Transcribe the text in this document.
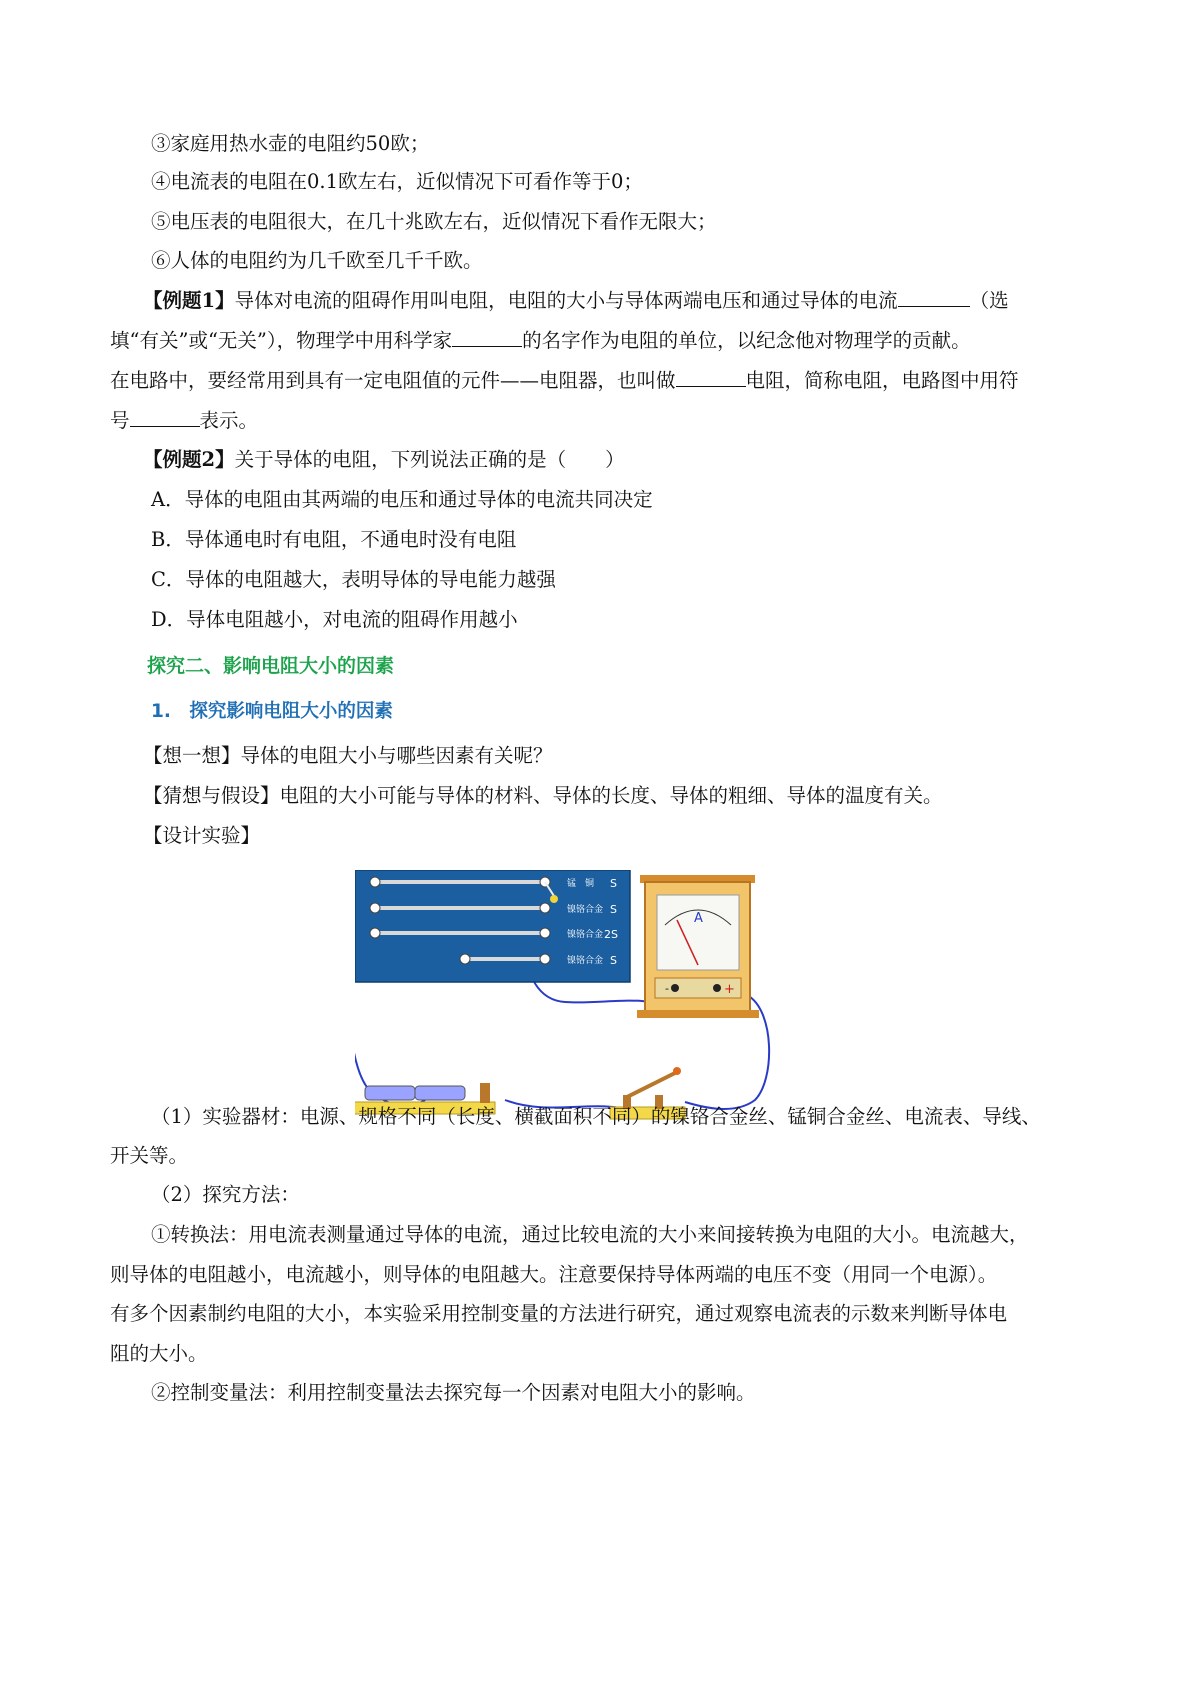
③家庭用热水壶的电阻约50欧；
④电流表的电阻在0.1欧左右，近似情况下可看作等于0；
⑤电压表的电阻很大，在几十兆欧左右，近似情况下看作无限大；
⑥人体的电阻约为几千欧至几千千欧。
【例题1】导体对电流的阻碍作用叫电阻，电阻的大小与导体两端电压和通过导体的电流	（选
填“有关”或“无关”），物理学中用科学家	的名字作为电阻的单位，以纪念他对物理学的贡献。
在电路中，要经常用到具有一定电阻值的元件——电阻器，也叫做	电阻，简称电阻，电路图中用符
号	表示。
【例题2】关于导体的电阻，下列说法正确的是（　　）
A．导体的电阻由其两端的电压和通过导体的电流共同决定
B．导体通电时有电阻，不通电时没有电阻
C．导体的电阻越大，表明导体的导电能力越强
D．导体电阻越小，对电流的阻碍作用越小
探究二、影响电阻大小的因素
1.　探究影响电阻大小的因素
【想一想】导体的电阻大小与哪些因素有关呢？
【猜想与假设】电阻的大小可能与导体的材料、导体的长度、导体的粗细、导体的温度有关。
【设计实验】
锰　铜
镍铬合金
镍铬合金
镍铬合金
S
S
2S
S
A
-	+
（1）实验器材：电源、规格不同（长度、横截面积不同）的镍铬合金丝、锰铜合金丝、电流表、导线、
开关等。
（2）探究方法：
①转换法：用电流表测量通过导体的电流，通过比较电流的大小来间接转换为电阻的大小。电流越大，
则导体的电阻越小，电流越小，则导体的电阻越大。注意要保持导体两端的电压不变（用同一个电源）。
有多个因素制约电阻的大小，本实验采用控制变量的方法进行研究，通过观察电流表的示数来判断导体电
阻的大小。
②控制变量法：利用控制变量法去探究每一个因素对电阻大小的影响。
